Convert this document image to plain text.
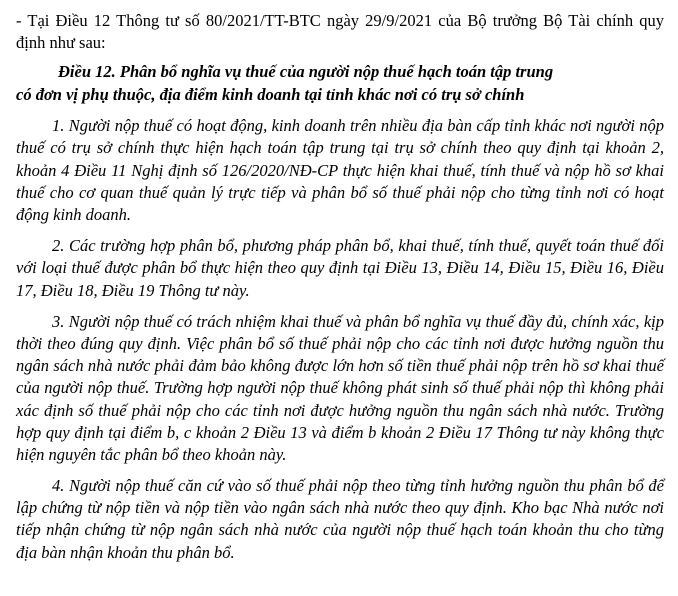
- Tại Điều 12 Thông tư số 80/2021/TT-BTC ngày 29/9/2021 của Bộ trưởng Bộ Tài chính quy định như sau:

Điều 12. Phân bổ nghĩa vụ thuế của người nộp thuế hạch toán tập trung
có đơn vị phụ thuộc, địa điểm kinh doanh tại tỉnh khác nơi có trụ sở chính

1. Người nộp thuế có hoạt động, kinh doanh trên nhiều địa bàn cấp tỉnh khác nơi người nộp thuế có trụ sở chính thực hiện hạch toán tập trung tại trụ sở chính theo quy định tại khoản 2, khoản 4 Điều 11 Nghị định số 126/2020/NĐ-CP thực hiện khai thuế, tính thuế và nộp hồ sơ khai thuế cho cơ quan thuế quản lý trực tiếp và phân bổ số thuế phải nộp cho từng tỉnh nơi có hoạt động kinh doanh.

2. Các trường hợp phân bổ, phương pháp phân bổ, khai thuế, tính thuế, quyết toán thuế đối với loại thuế được phân bổ thực hiện theo quy định tại Điều 13, Điều 14, Điều 15, Điều 16, Điều 17, Điều 18, Điều 19 Thông tư này.

3. Người nộp thuế có trách nhiệm khai thuế và phân bổ nghĩa vụ thuế đầy đủ, chính xác, kịp thời theo đúng quy định. Việc phân bổ số thuế phải nộp cho các tỉnh nơi được hưởng nguồn thu ngân sách nhà nước phải đảm bảo không được lớn hơn số tiền thuế phải nộp trên hồ sơ khai thuế của người nộp thuế. Trường hợp người nộp thuế không phát sinh số thuế phải nộp thì không phải xác định số thuế phải nộp cho các tỉnh nơi được hưởng nguồn thu ngân sách nhà nước. Trường hợp quy định tại điểm b, c khoản 2 Điều 13 và điểm b khoản 2 Điều 17 Thông tư này không thực hiện nguyên tắc phân bổ theo khoản này.

4. Người nộp thuế căn cứ vào số thuế phải nộp theo từng tỉnh hưởng nguồn thu phân bổ để lập chứng từ nộp tiền và nộp tiền vào ngân sách nhà nước theo quy định. Kho bạc Nhà nước nơi tiếp nhận chứng từ nộp ngân sách nhà nước của người nộp thuế hạch toán khoản thu cho từng địa bàn nhận khoản thu phân bổ.
